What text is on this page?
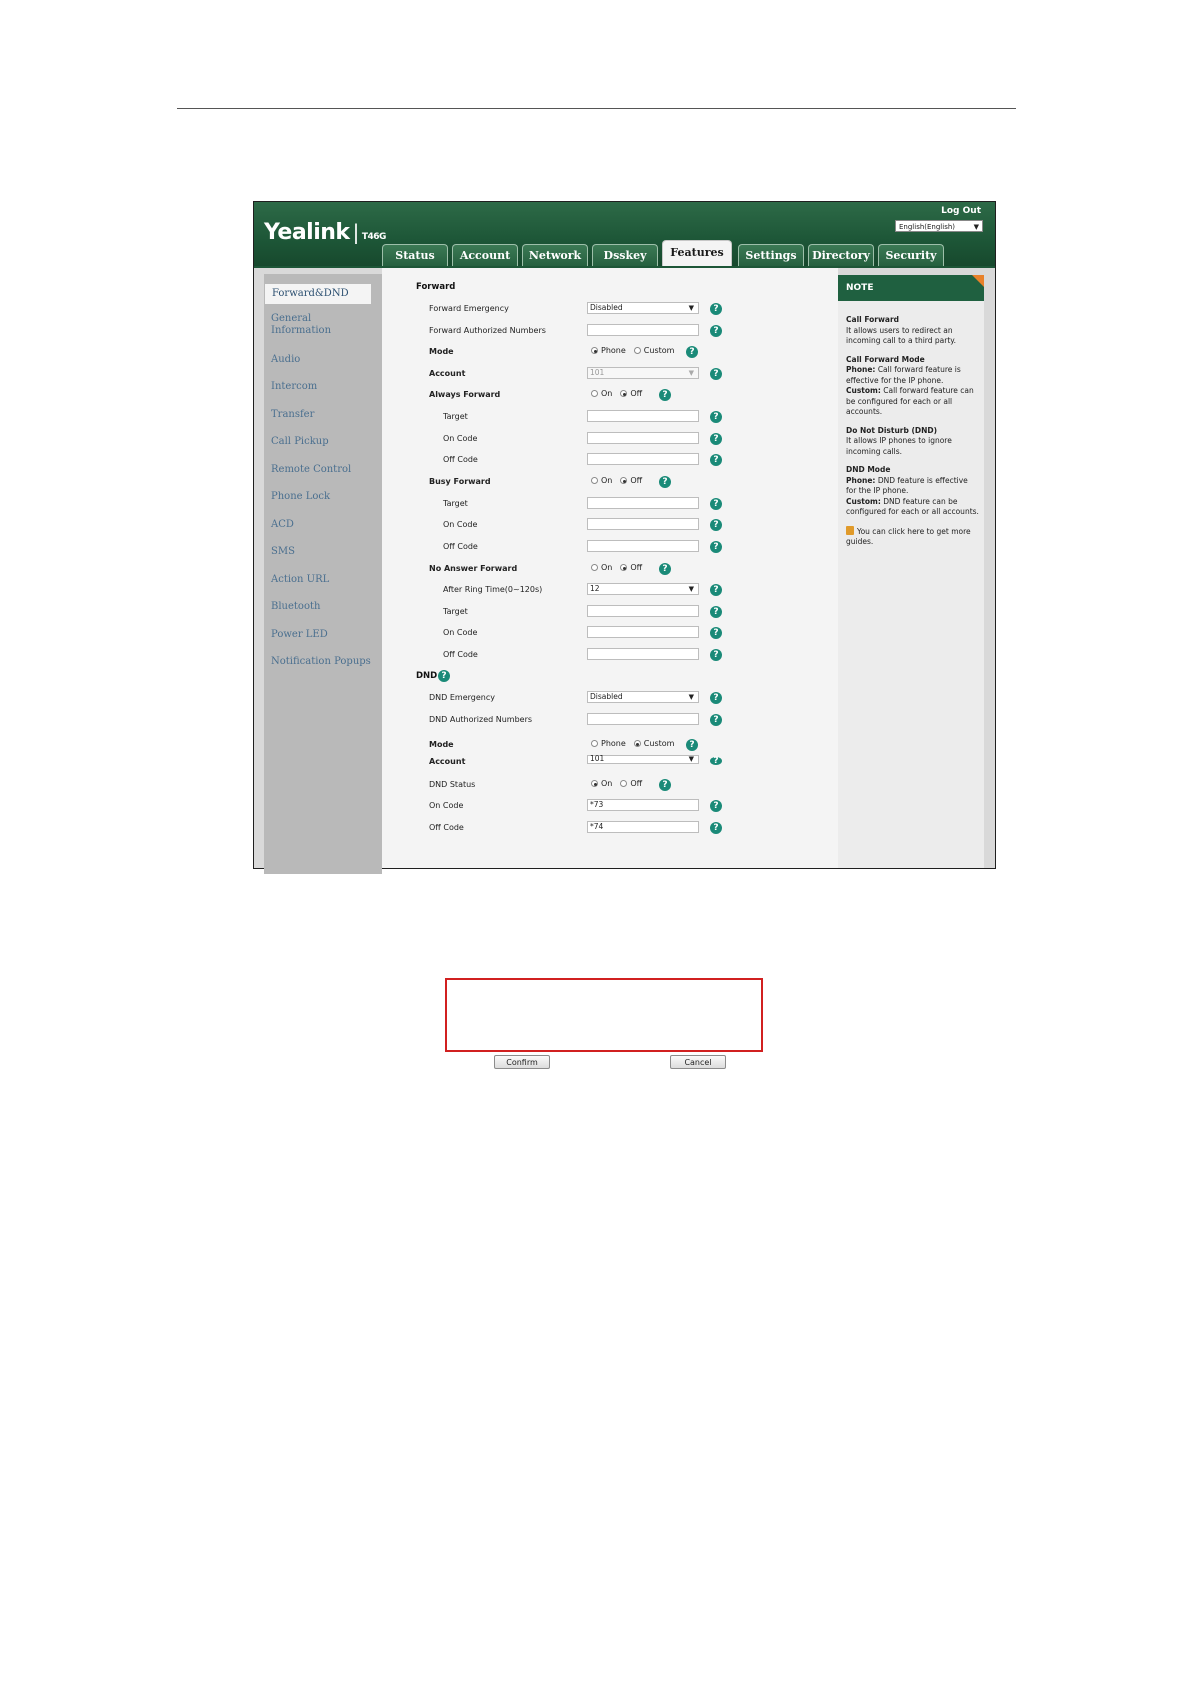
Yealink | T46G
Log Out
English(English)	▼
Status	Account	Network	Dsskey	Features	Settings	Directory	Security
Forward&DND
General
Information
Audio
Intercom
Transfer
Call Pickup
Remote Control
Phone Lock
ACD
SMS
Action URL
Bluetooth
Power LED
Notification Popups
Forward
Forward Emergency	Disabled	▼	?
Forward Authorized Numbers	?
Mode	Phone Custom	?
Account	101	▼	?
Always Forward	On Off	?
Target	?
On Code	?
Off Code	?
Busy Forward	On Off	?
Target	?
On Code	?
Off Code	?
No Answer Forward	On Off	?
After Ring Time(0~120s)	12	▼	?
Target	?
On Code	?
Off Code	?
DND ?
DND Emergency	Disabled	▼	?
DND Authorized Numbers	?
Mode	Phone Custom	?
Account	101	▼	?
DND Status	On Off	?
On Code	*73	?
Off Code	*74	?
Confirm	Cancel
NOTE

Call Forward
It allows users to redirect an incoming call to a third party.

Call Forward Mode
Phone: Call forward feature is effective for the IP phone.
Custom: Call forward feature can be configured for each or all accounts.

Do Not Disturb (DND)
It allows IP phones to ignore incoming calls.

DND Mode
Phone: DND feature is effective for the IP phone.
Custom: DND feature can be configured for each or all accounts.

You can click here to get more guides.
